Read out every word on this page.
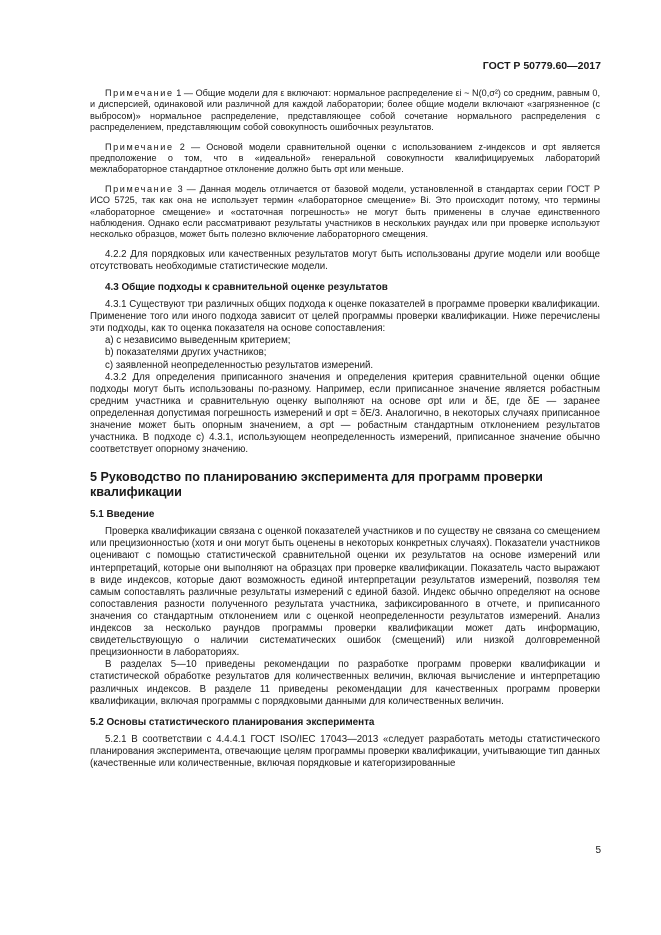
ГОСТ Р 50779.60—2017

Примечание 1 — Общие модели для ε включают: нормальное распределение εi ~ N(0,σ²) со средним, равным 0, и дисперсией, одинаковой или различной для каждой лаборатории; более общие модели включают «загрязненное (с выбросом)» нормальное распределение, представляющее собой сочетание нормального распределения с распределением, представляющим собой совокупность ошибочных результатов.

Примечание 2 — Основой модели сравнительной оценки с использованием z-индексов и σpt является предположение о том, что в «идеальной» генеральной совокупности квалифицируемых лабораторий межлабораторное стандартное отклонение должно быть σpt или меньше.

Примечание 3 — Данная модель отличается от базовой модели, установленной в стандартах серии ГОСТ Р ИСО 5725, так как она не использует термин «лабораторное смещение» Bi. Это происходит потому, что термины «лабораторное смещение» и «остаточная погрешность» не могут быть применены в случае единственного наблюдения. Однако если рассматривают результаты участников в нескольких раундах или при проверке используют несколько образцов, может быть полезно включение лабораторного смещения.

4.2.2 Для порядковых или качественных результатов могут быть использованы другие модели или вообще отсутствовать необходимые статистические модели.

4.3 Общие подходы к сравнительной оценке результатов

4.3.1 Существуют три различных общих подхода к оценке показателей в программе проверки квалификации. Применение того или иного подхода зависит от целей программы проверки квалификации. Ниже перечислены эти подходы, как то оценка показателя на основе сопоставления:

a) с независимо выведенным критерием;

b) показателями других участников;

c) заявленной неопределенностью результатов измерений.

4.3.2 Для определения приписанного значения и определения критерия сравнительной оценки общие подходы могут быть использованы по-разному. Например, если приписанное значение является робастным средним участника и сравнительную оценку выполняют на основе σpt или и δE, где δE — заранее определенная допустимая погрешность измерений и σpt = δE/3. Аналогично, в некоторых случаях приписанное значение может быть опорным значением, а σpt — робастным стандартным отклонением результатов участника. В подходе c) 4.3.1, использующем неопределенность измерений, приписанное значение обычно соответствует опорному значению.

5 Руководство по планированию эксперимента для программ проверки квалификации
5.1 Введение

Проверка квалификации связана с оценкой показателей участников и по существу не связана со смещением или прецизионностью (хотя и они могут быть оценены в некоторых конкретных случаях). Показатели участников оценивают с помощью статистической сравнительной оценки их результатов на основе измерений или интерпретаций, которые они выполняют на образцах при проверке квалификации. Показатель часто выражают в виде индексов, которые дают возможность единой интерпретации результатов измерений, позволяя тем самым сопоставлять различные результаты измерений с единой базой. Индекс обычно определяют на основе сопоставления разности полученного результата участника, зафиксированного в отчете, и приписанного значения со стандартным отклонением или с оценкой неопределенности результатов измерений. Анализ индексов за несколько раундов программы проверки квалификации может дать информацию, свидетельствующую о наличии систематических ошибок (смещений) или низкой долговременной прецизионности в лабораториях.

В разделах 5—10 приведены рекомендации по разработке программ проверки квалификации и статистической обработке результатов для количественных величин, включая вычисление и интерпретацию различных индексов. В разделе 11 приведены рекомендации для качественных программ проверки квалификации, включая программы с порядковыми данными для количественных величин.

5.2 Основы статистического планирования эксперимента

5.2.1 В соответствии с 4.4.4.1 ГОСТ ISO/IEC 17043—2013 «следует разработать методы статистического планирования эксперимента, отвечающие целям программы проверки квалификации, учитывающие тип данных (качественные или количественные, включая порядковые и категоризированные

5
